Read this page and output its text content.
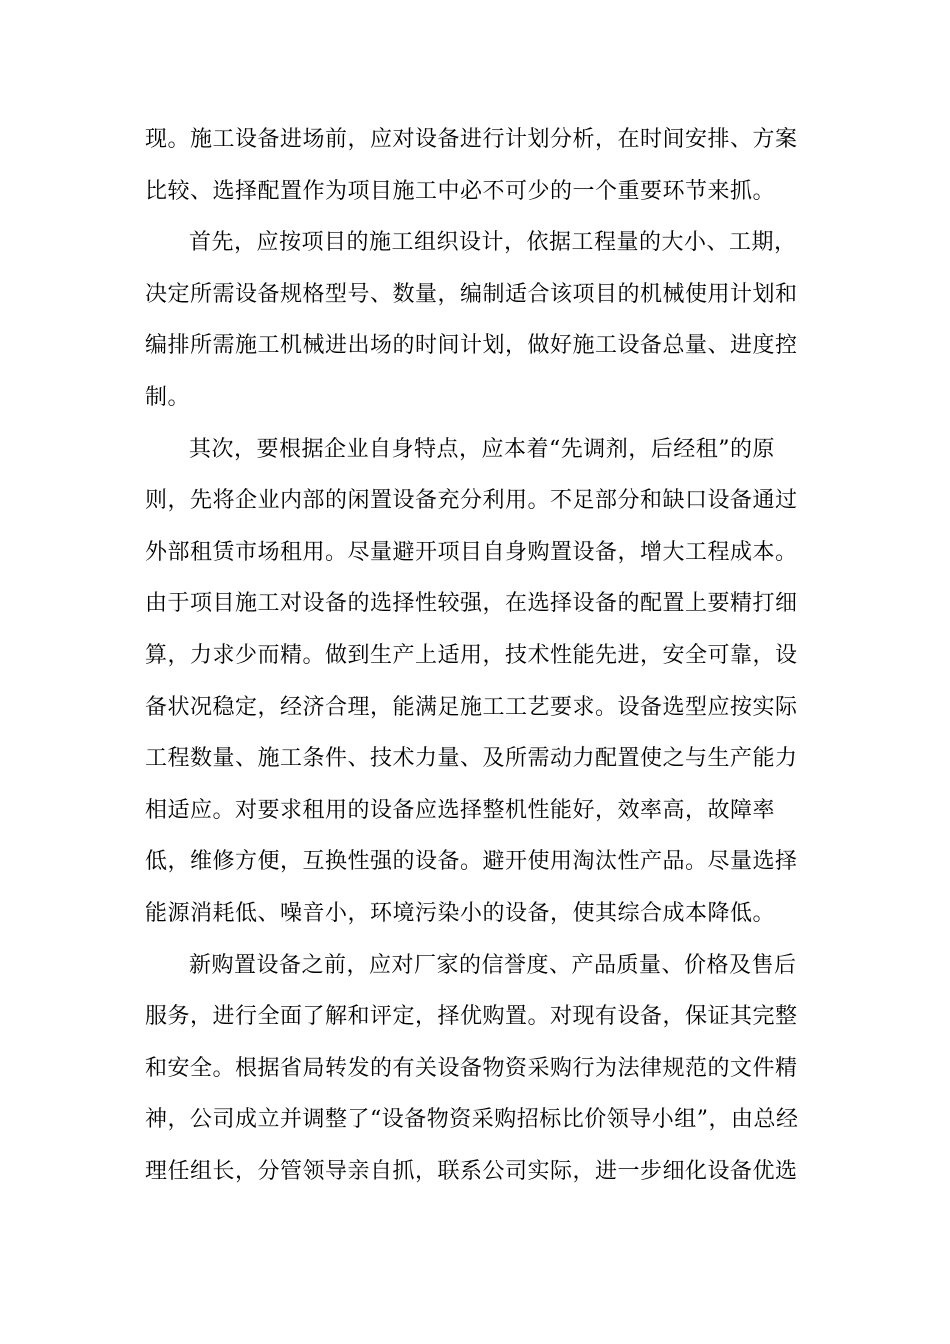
现。施工设备进场前，应对设备进行计划分析，在时间安排、方案
比较、选择配置作为项目施工中必不可少的一个重要环节来抓。
首先，应按项目的施工组织设计，依据工程量的大小、工期，
决定所需设备规格型号、数量，编制适合该项目的机械使用计划和
编排所需施工机械进出场的时间计划，做好施工设备总量、进度控
制。
其次，要根据企业自身特点，应本着“先调剂，后经租”的原
则，先将企业内部的闲置设备充分利用。不足部分和缺口设备通过
外部租赁市场租用。尽量避开项目自身购置设备，增大工程成本。
由于项目施工对设备的选择性较强，在选择设备的配置上要精打细
算，力求少而精。做到生产上适用，技术性能先进，安全可靠，设
备状况稳定，经济合理，能满足施工工艺要求。设备选型应按实际
工程数量、施工条件、技术力量、及所需动力配置使之与生产能力
相适应。对要求租用的设备应选择整机性能好，效率高，故障率
低，维修方便，互换性强的设备。避开使用淘汰性产品。尽量选择
能源消耗低、噪音小，环境污染小的设备，使其综合成本降低。
新购置设备之前，应对厂家的信誉度、产品质量、价格及售后
服务，进行全面了解和评定，择优购置。对现有设备，保证其完整
和安全。根据省局转发的有关设备物资采购行为法律规范的文件精
神，公司成立并调整了“设备物资采购招标比价领导小组”，由总经
理任组长，分管领导亲自抓，联系公司实际，进一步细化设备优选
